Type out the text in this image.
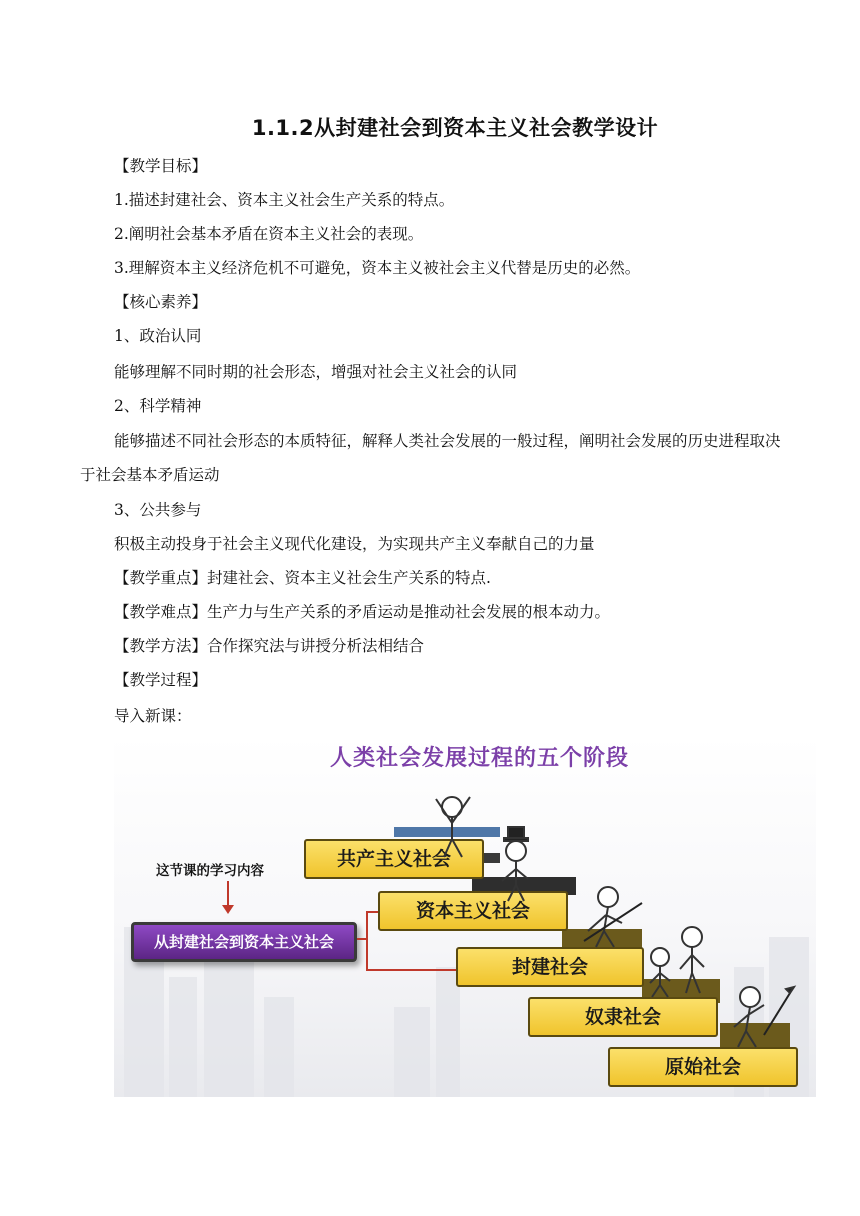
1.1.2从封建社会到资本主义社会教学设计
【教学目标】
1.描述封建社会、资本主义社会生产关系的特点。
2.阐明社会基本矛盾在资本主义社会的表现。
3.理解资本主义经济危机不可避免，资本主义被社会主义代替是历史的必然。
【核心素养】
1、政治认同
能够理解不同时期的社会形态，增强对社会主义社会的认同
2、科学精神
能够描述不同社会形态的本质特征，解释人类社会发展的一般过程，阐明社会发展的历史进程取决于社会基本矛盾运动
3、公共参与
积极主动投身于社会主义现代化建设，为实现共产主义奉献自己的力量
【教学重点】封建社会、资本主义社会生产关系的特点.
【教学难点】生产力与生产关系的矛盾运动是推动社会发展的根本动力。
【教学方法】合作探究法与讲授分析法相结合
【教学过程】
导入新课：
人类社会发展过程的五个阶段
这节课的学习内容
从封建社会到资本主义社会
共产主义社会
资本主义社会
封建社会
奴隶社会
原始社会
